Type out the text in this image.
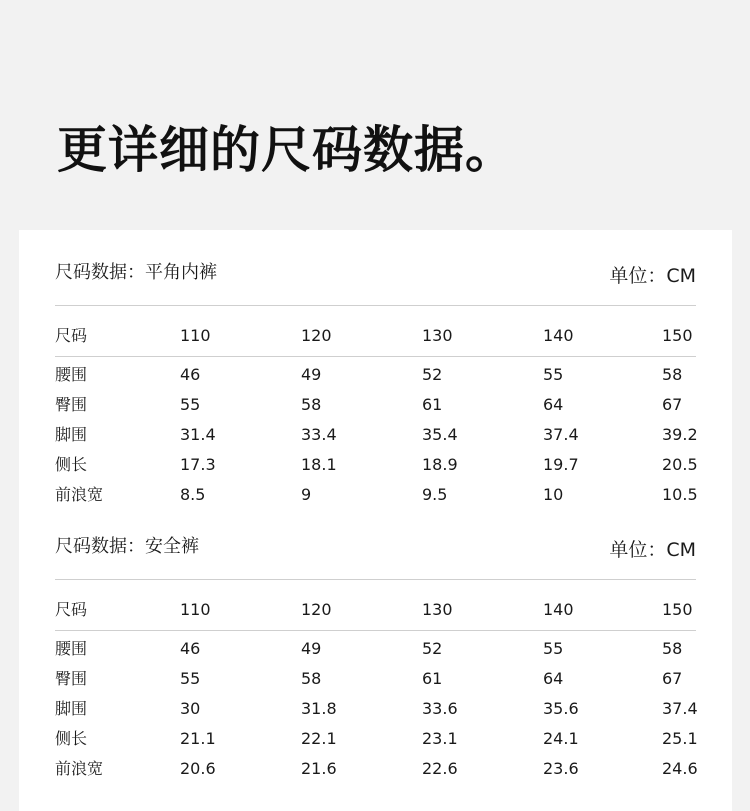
更详细的尺码数据。
尺码数据：平角内裤	单位：CM
尺码	110	120	130	140	150
腰围	46	49	52	55	58
臀围	55	58	61	64	67
脚围	31.4	33.4	35.4	37.4	39.2
侧长	17.3	18.1	18.9	19.7	20.5
前浪宽	8.5	9	9.5	10	10.5
尺码数据：安全裤	单位：CM
尺码	110	120	130	140	150
腰围	46	49	52	55	58
臀围	55	58	61	64	67
脚围	30	31.8	33.6	35.6	37.4
侧长	21.1	22.1	23.1	24.1	25.1
前浪宽	20.6	21.6	22.6	23.6	24.6
